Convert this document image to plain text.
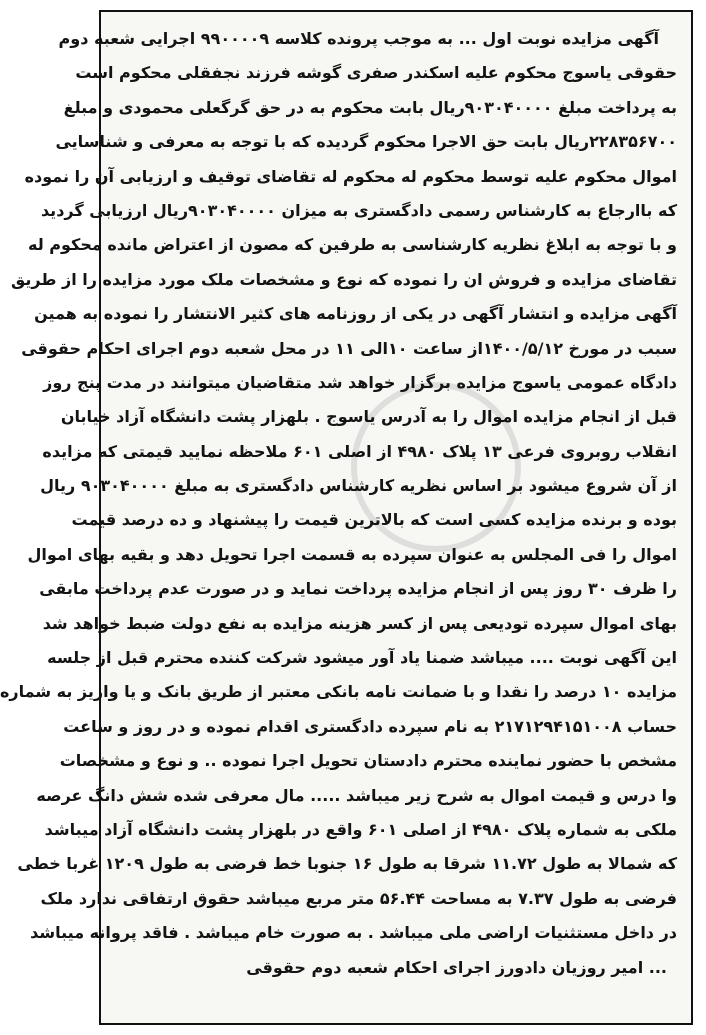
آگهی مزایده نوبت اول ... به موجب پرونده کلاسه ۹۹۰۰۰۰۹ اجرایی شعبه دوم

حقوقی یاسوج محکوم علیه اسکندر صفری گوشه فرزند نجفقلی محکوم است

به پرداخت مبلغ ۹۰۳۰۴۰۰۰۰ریال بابت محکوم به در حق گرگعلی محمودی و مبلغ

۲۲۸۳۵۶۷۰۰ریال بابت حق الاجرا محکوم گردیده که با توجه به معرفی و شناسایی

اموال محکوم علیه توسط محکوم له محکوم له تقاضای توقیف و ارزیابی آن را نموده

که باارجاع به کارشناس رسمی دادگستری به میزان ۹۰۳۰۴۰۰۰۰ریال ارزیابی گردید

و با توجه به ابلاغ نظریه کارشناسی به طرفین که مصون از اعتراض مانده محکوم له

تقاضای مزایده و فروش ان را نموده که نوع و مشخصات ملک مورد مزایده را از طریق

آگهی مزایده و انتشار آگهی در یکی از روزنامه های کثیر الانتشار را نموده به همین

سبب در مورخ ۱۴۰۰/۵/۱۲از ساعت ۱۰الی ۱۱ در محل شعبه دوم اجرای احکام حقوقی

دادگاه عمومی یاسوج مزایده برگزار خواهد شد متقاضیان میتوانند در مدت پنج روز

قبل از انجام مزایده اموال را به آدرس یاسوج . بلهزار پشت دانشگاه آزاد خیابان

انقلاب روبروی فرعی ۱۳ پلاک ۴۹۸۰ از اصلی ۶۰۱ ملاحظه نمایید قیمتی که مزایده

از آن شروع میشود بر اساس نظریه کارشناس دادگستری به مبلغ ۹۰۳۰۴۰۰۰۰ ریال

بوده و برنده مزایده کسی است که بالاترین قیمت را پیشنهاد و ده درصد قیمت

اموال را فی المجلس به عنوان سپرده به قسمت اجرا تحویل دهد و بقیه بهای اموال

را ظرف ۳۰ روز پس از انجام مزایده پرداخت نماید و در صورت عدم پرداخت مابقی

بهای اموال سپرده تودیعی پس از کسر هزینه مزایده به نفع دولت ضبط خواهد شد

این آگهی نوبت .... میباشد ضمنا یاد آور میشود شرکت کننده محترم قبل از جلسه

مزایده ۱۰ درصد را نقدا و با ضمانت نامه بانکی معتبر از طریق بانک و یا واریز به شماره

حساب ۲۱۷۱۲۹۴۱۵۱۰۰۸ به نام سپرده دادگستری اقدام نموده و در روز و ساعت

مشخص با حضور نماینده محترم دادستان تحویل اجرا نموده .. و نوع و مشخصات

وا درس و قیمت اموال به شرح زیر میباشد ..... مال معرفی شده شش دانگ عرصه

ملکی به شماره پلاک ۴۹۸۰ از اصلی ۶۰۱ واقع در بلهزار پشت دانشگاه آزاد میباشد

که شمالا به طول ۱۱.۷۲ شرقا به طول ۱۶ جنوبا خط فرضی به طول ۱۲۰۹ غربا خطی

فرضی به طول ۷.۳۷ به مساحت ۵۶.۴۴ متر مربع میباشد حقوق ارتفاقی ندارد ملک

در داخل مستثنیات اراضی ملی میباشد . به صورت خام میباشد . فاقد پروانه میباشد

... امیر روزیان دادورز اجرای احکام شعبه دوم حقوقی
